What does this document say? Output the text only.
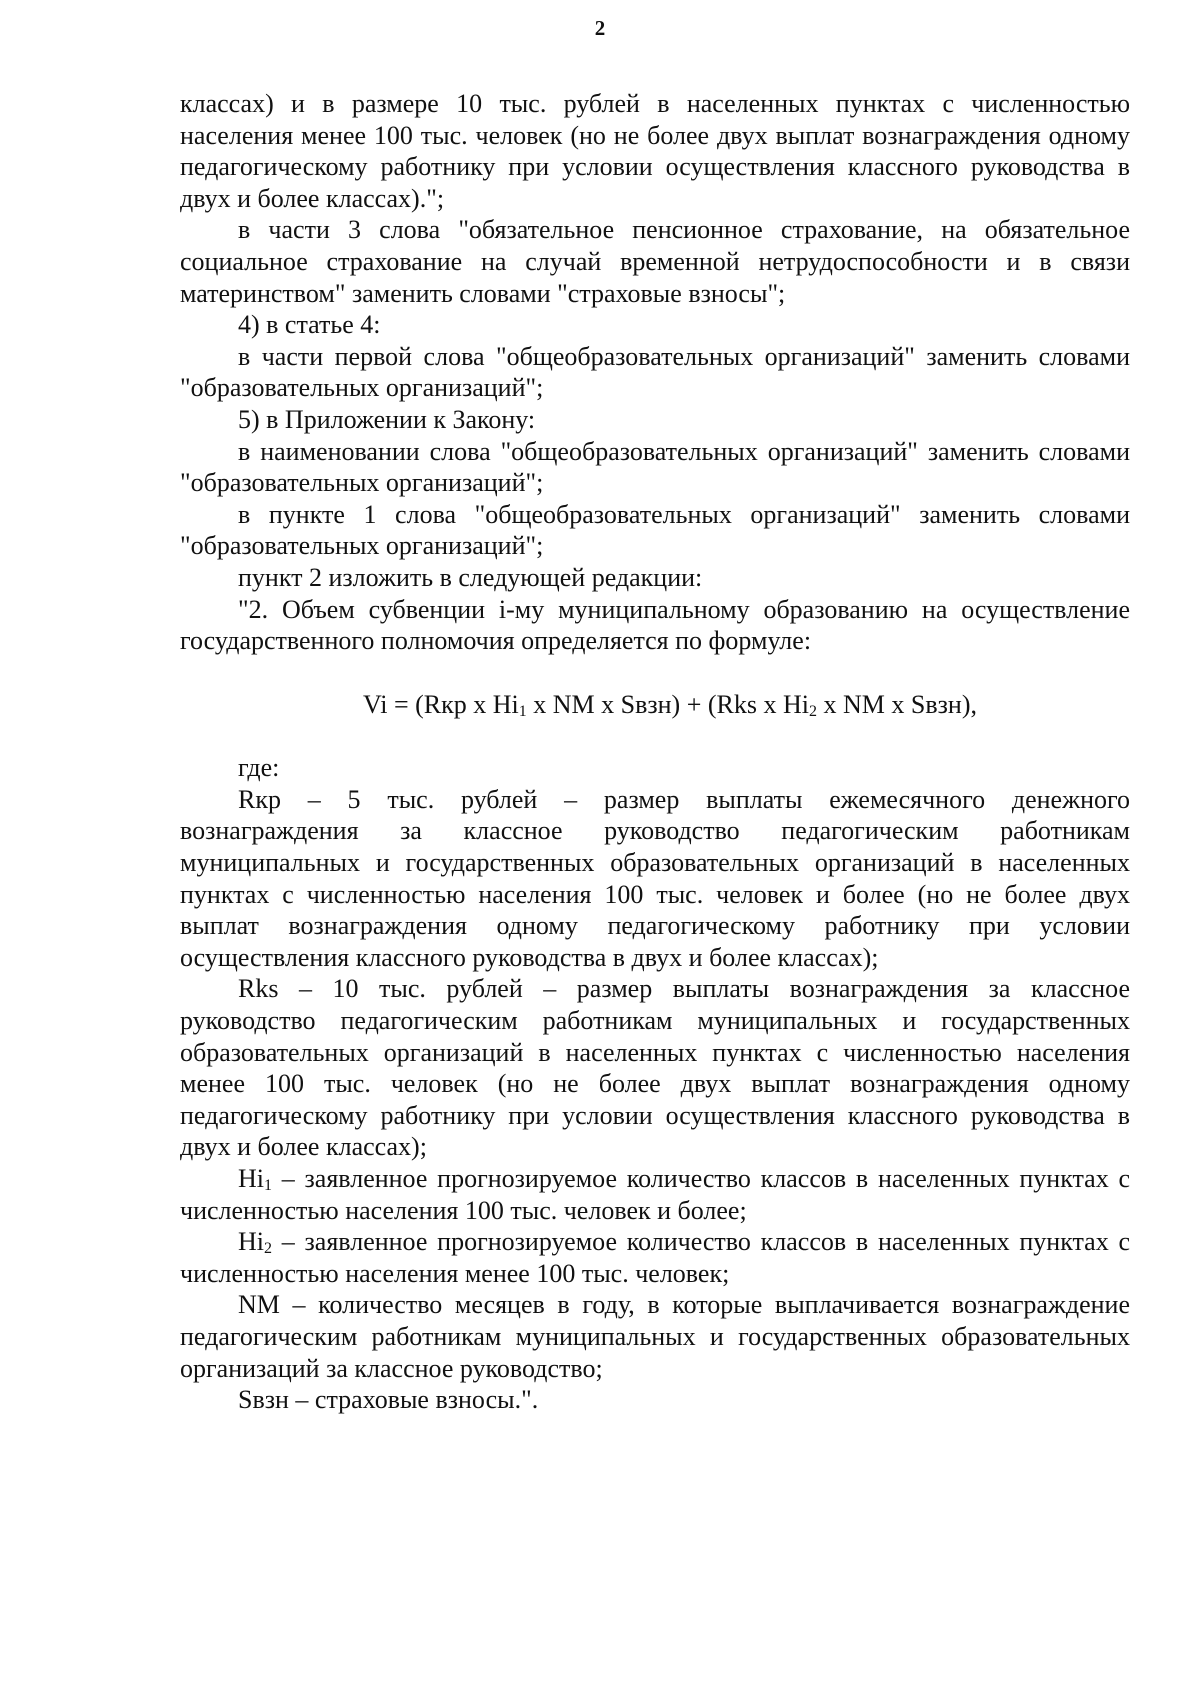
2

классах) и в размере 10 тыс. рублей в населенных пунктах с численностью населения менее 100 тыс. человек (но не более двух выплат вознаграждения одному педагогическому работнику при условии осуществления классного руководства в двух и более классах).";

в части 3 слова "обязательное пенсионное страхование, на обязательное социальное страхование на случай временной нетрудоспособности и в связи материнством" заменить словами "страховые взносы";

4) в статье 4:

в части первой слова "общеобразовательных организаций" заменить словами "образовательных организаций";

5) в Приложении к Закону:

в наименовании слова "общеобразовательных организаций" заменить словами "образовательных организаций";

в пункте 1 слова "общеобразовательных организаций" заменить словами "образовательных организаций";

пункт 2 изложить в следующей редакции:

"2. Объем субвенции i-му муниципальному образованию на осуществление государственного полномочия определяется по формуле:

Vi = (Rкр х $Hi_1$ х NM х Sвзн) + (Rks х $Hi_2$ х NM х Sвзн),

где:

Rкр – 5 тыс. рублей – размер выплаты ежемесячного денежного вознаграждения за классное руководство педагогическим работникам муниципальных и государственных образовательных организаций в населенных пунктах с численностью населения 100 тыс. человек и более (но не более двух выплат вознаграждения одному педагогическому работнику при условии осуществления классного руководства в двух и более классах);

Rks – 10 тыс. рублей – размер выплаты вознаграждения за классное руководство педагогическим работникам муниципальных и государственных образовательных организаций в населенных пунктах с численностью населения менее 100 тыс. человек (но не более двух выплат вознаграждения одному педагогическому работнику при условии осуществления классного руководства в двух и более классах);

$Hi_1$ – заявленное прогнозируемое количество классов в населенных пунктах с численностью населения 100 тыс. человек и более;

$Hi_2$ – заявленное прогнозируемое количество классов в населенных пунктах с численностью населения менее 100 тыс. человек;

NM – количество месяцев в году, в которые выплачивается вознаграждение педагогическим работникам муниципальных и государственных образовательных организаций за классное руководство;

Sвзн – страховые взносы.".
